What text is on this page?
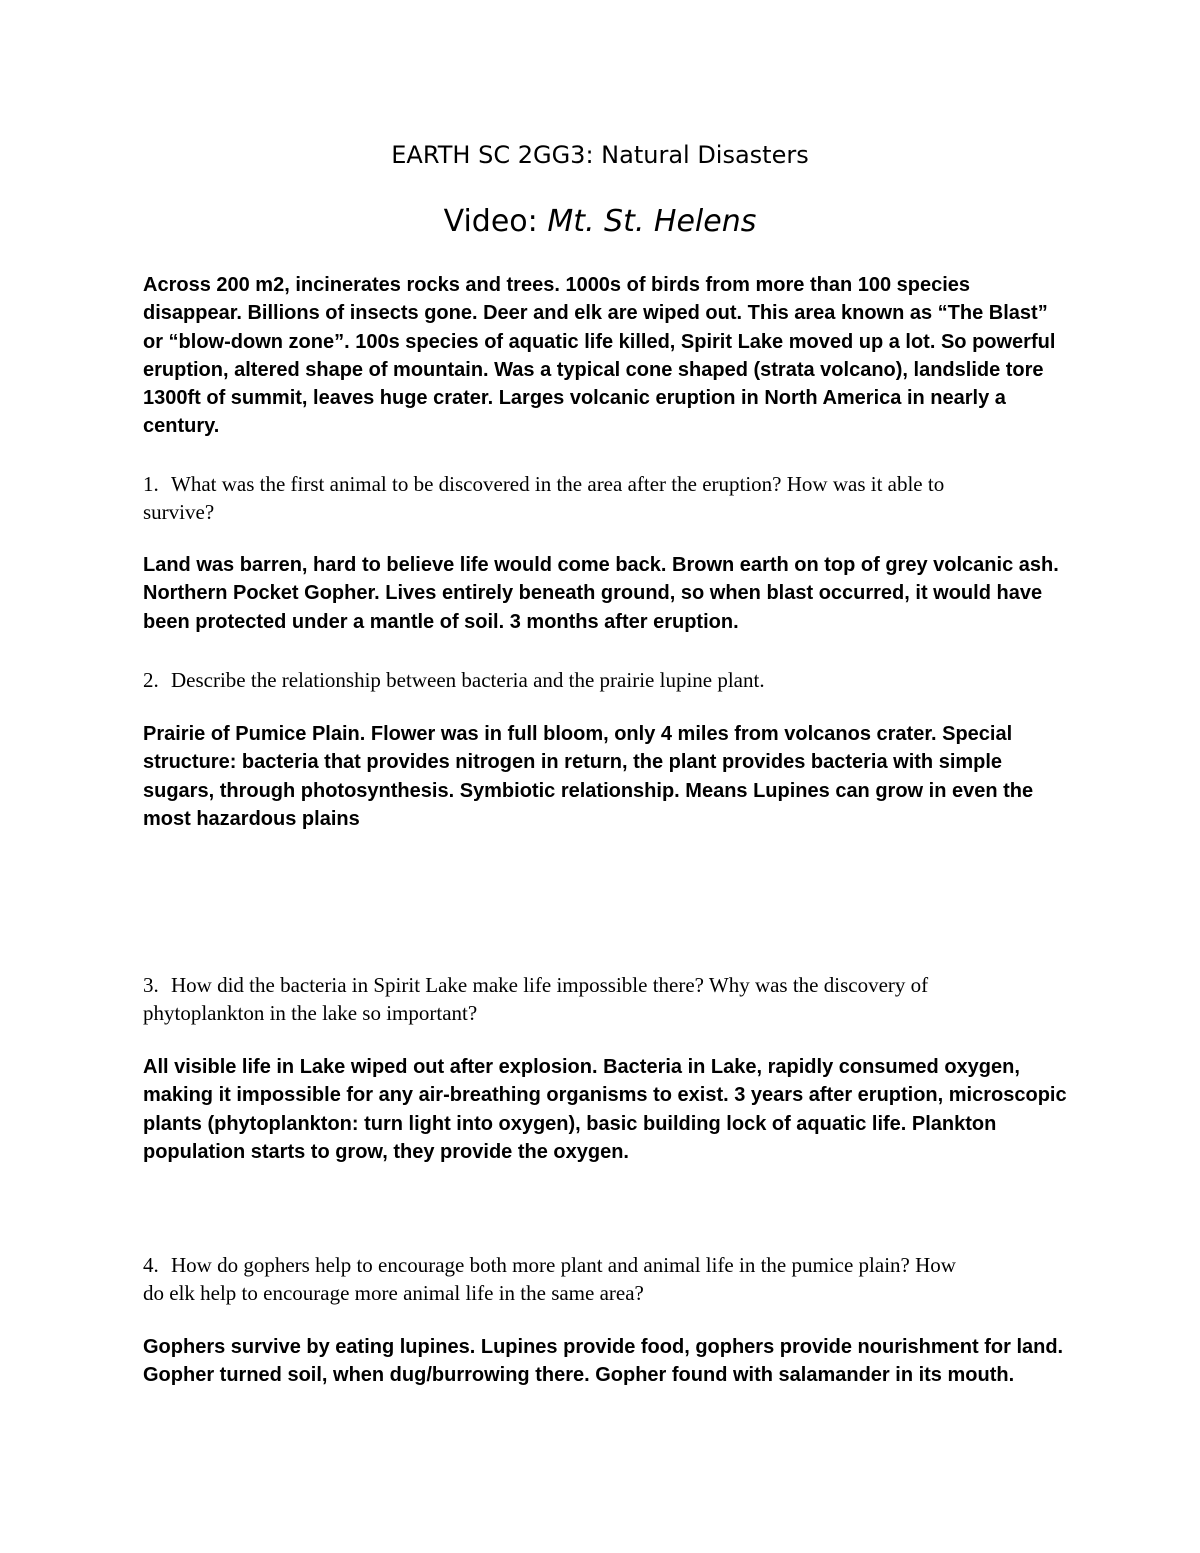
EARTH SC 2GG3: Natural Disasters
Video: Mt. St. Helens

Across 200 m2, incinerates rocks and trees. 1000s of birds from more than 100 species
disappear. Billions of insects gone. Deer and elk are wiped out. This area known as “The Blast”
or “blow-down zone”. 100s species of aquatic life killed, Spirit Lake moved up a lot. So powerful
eruption, altered shape of mountain. Was a typical cone shaped (strata volcano), landslide tore
1300ft of summit, leaves huge crater. Larges volcanic eruption in North America in nearly a
century.

1. What was the first animal to be discovered in the area after the eruption? How was it able to
survive?

Land was barren, hard to believe life would come back. Brown earth on top of grey volcanic ash.
Northern Pocket Gopher. Lives entirely beneath ground, so when blast occurred, it would have
been protected under a mantle of soil. 3 months after eruption.

2. Describe the relationship between bacteria and the prairie lupine plant.

Prairie of Pumice Plain. Flower was in full bloom, only 4 miles from volcanos crater. Special
structure: bacteria that provides nitrogen in return, the plant provides bacteria with simple
sugars, through photosynthesis. Symbiotic relationship. Means Lupines can grow in even the
most hazardous plains

3. How did the bacteria in Spirit Lake make life impossible there? Why was the discovery of
phytoplankton in the lake so important?

All visible life in Lake wiped out after explosion. Bacteria in Lake, rapidly consumed oxygen,
making it impossible for any air-breathing organisms to exist. 3 years after eruption, microscopic
plants (phytoplankton: turn light into oxygen), basic building lock of aquatic life. Plankton
population starts to grow, they provide the oxygen.

4. How do gophers help to encourage both more plant and animal life in the pumice plain? How
do elk help to encourage more animal life in the same area?

Gophers survive by eating lupines. Lupines provide food, gophers provide nourishment for land.
Gopher turned soil, when dug/burrowing there. Gopher found with salamander in its mouth.
